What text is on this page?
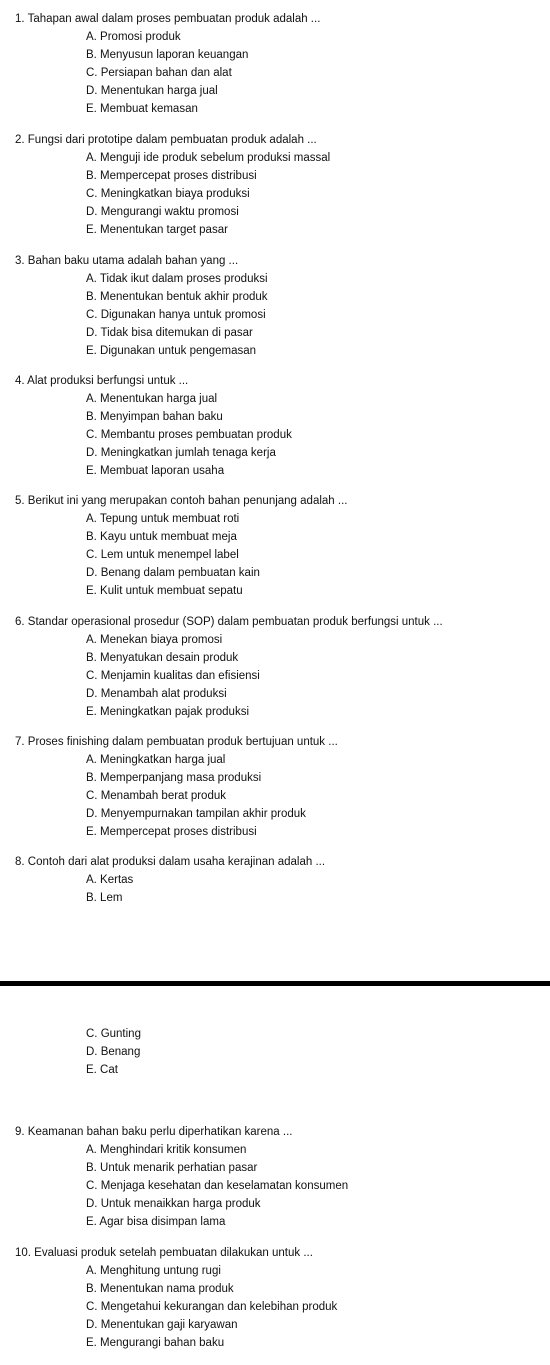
1. Tahapan awal dalam proses pembuatan produk adalah ...
A. Promosi produk
B. Menyusun laporan keuangan
C. Persiapan bahan dan alat
D. Menentukan harga jual
E. Membuat kemasan
2. Fungsi dari prototipe dalam pembuatan produk adalah ...
A. Menguji ide produk sebelum produksi massal
B. Mempercepat proses distribusi
C. Meningkatkan biaya produksi
D. Mengurangi waktu promosi
E. Menentukan target pasar
3. Bahan baku utama adalah bahan yang ...
A. Tidak ikut dalam proses produksi
B. Menentukan bentuk akhir produk
C. Digunakan hanya untuk promosi
D. Tidak bisa ditemukan di pasar
E. Digunakan untuk pengemasan
4. Alat produksi berfungsi untuk ...
A. Menentukan harga jual
B. Menyimpan bahan baku
C. Membantu proses pembuatan produk
D. Meningkatkan jumlah tenaga kerja
E. Membuat laporan usaha
5. Berikut ini yang merupakan contoh bahan penunjang adalah ...
A. Tepung untuk membuat roti
B. Kayu untuk membuat meja
C. Lem untuk menempel label
D. Benang dalam pembuatan kain
E. Kulit untuk membuat sepatu
6. Standar operasional prosedur (SOP) dalam pembuatan produk berfungsi untuk ...
A. Menekan biaya promosi
B. Menyatukan desain produk
C. Menjamin kualitas dan efisiensi
D. Menambah alat produksi
E. Meningkatkan pajak produksi
7. Proses finishing dalam pembuatan produk bertujuan untuk ...
A. Meningkatkan harga jual
B. Memperpanjang masa produksi
C. Menambah berat produk
D. Menyempurnakan tampilan akhir produk
E. Mempercepat proses distribusi
8. Contoh dari alat produksi dalam usaha kerajinan adalah ...
A. Kertas
B. Lem
C. Gunting
D. Benang
E. Cat
9. Keamanan bahan baku perlu diperhatikan karena ...
A. Menghindari kritik konsumen
B. Untuk menarik perhatian pasar
C. Menjaga kesehatan dan keselamatan konsumen
D. Untuk menaikkan harga produk
E. Agar bisa disimpan lama
10. Evaluasi produk setelah pembuatan dilakukan untuk ...
A. Menghitung untung rugi
B. Menentukan nama produk
C. Mengetahui kekurangan dan kelebihan produk
D. Menentukan gaji karyawan
E. Mengurangi bahan baku
